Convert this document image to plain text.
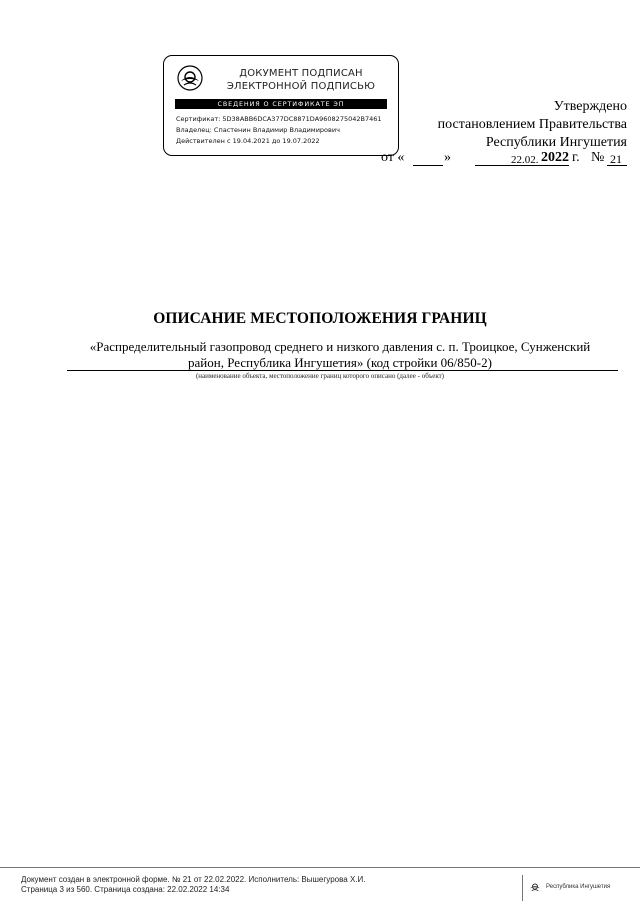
ДОКУМЕНТ ПОДПИСАН
ЭЛЕКТРОННОЙ ПОДПИСЬЮ
СВЕДЕНИЯ О СЕРТИФИКАТЕ ЭП
Сертификат: 5D38ABB6DCA377DC8871DA9608275042B7461
Владелец: Спастенин Владимир Владимирович
Действителен с 19.04.2021 до 19.07.2022
Утверждено
постановлением Правительства
Республики Ингушетия
от «	»	22.02. 2022 г. № 21
ОПИСАНИЕ МЕСТОПОЛОЖЕНИЯ ГРАНИЦ
«Распределительный газопровод среднего и низкого давления с. п. Троицкое, Сунженский
район, Республика Ингушетия» (код стройки 06/850-2)
(наименование объекта, местоположение границ которого описано (далее - объект)
Документ создан в электронной форме. № 21 от 22.02.2022. Исполнитель: Вышегурова Х.И.
Страница 3 из 560. Страница создана: 22.02.2022 14:34	Республика Ингушетия
